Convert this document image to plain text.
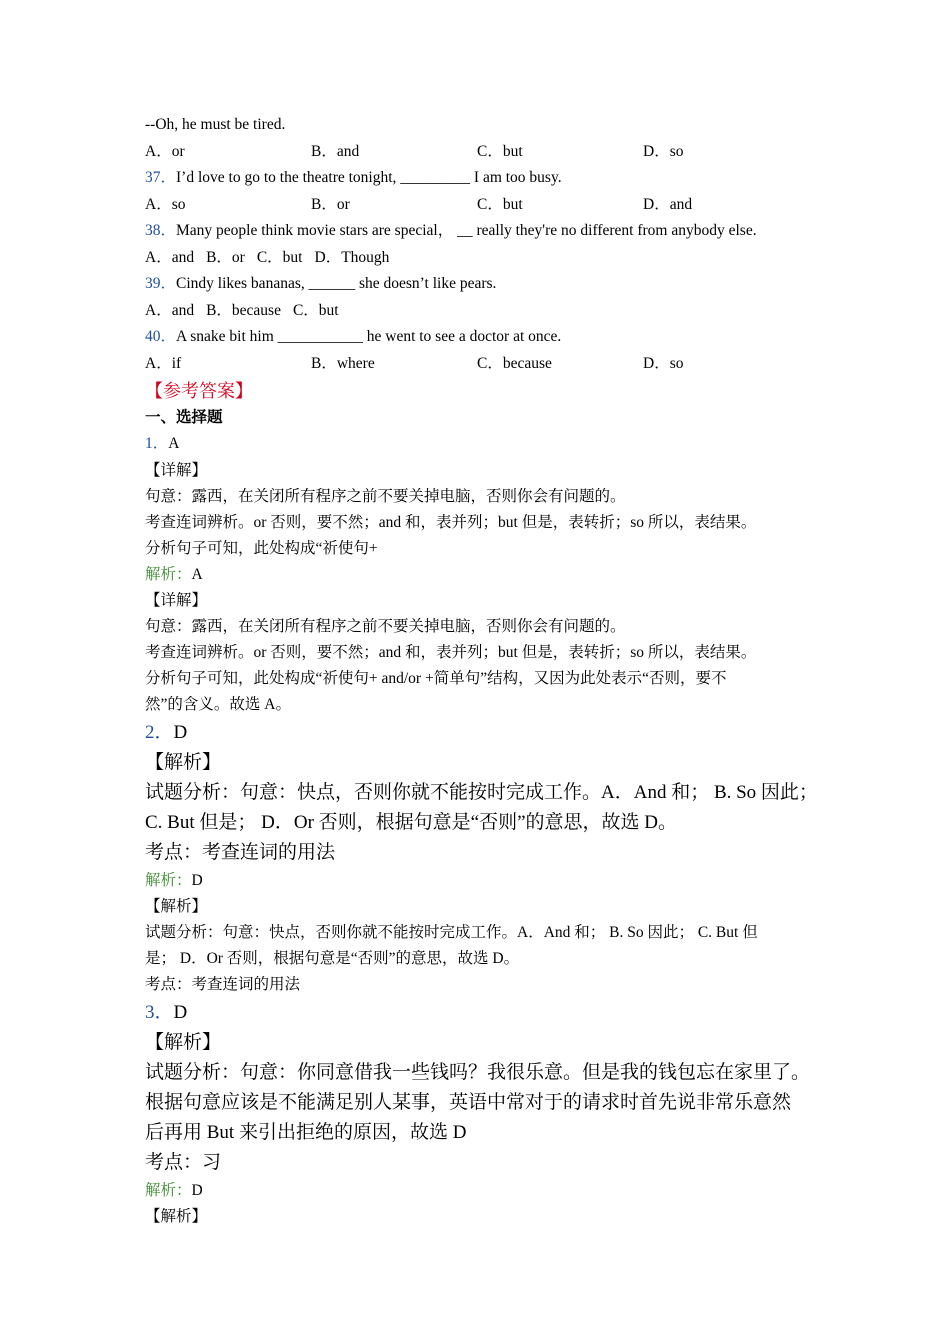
--Oh, he must be tired.
A．or	B．and	C．but	D．so
37．I’d love to go to the theatre tonight, _________ I am too busy.
A．so	B．or	C．but	D．and
38．Many people think movie stars are special， __ really they're no different from anybody else.
A．and B．or C．but D．Though
39．Cindy likes bananas, ______ she doesn’t like pears.
A．and B．because C．but
40．A snake bit him ___________ he went to see a doctor at once.
A．if	B．where	C．because	D．so
【参考答案】
一、选择题
1．A
【详解】
句意：露西，在关闭所有程序之前不要关掉电脑，否则你会有问题的。
考查连词辨析。or 否则，要不然；and 和，表并列；but 但是，表转折；so 所以，表结果。
分析句子可知，此处构成“祈使句+
解析：A
【详解】
句意：露西，在关闭所有程序之前不要关掉电脑，否则你会有问题的。
考查连词辨析。or 否则，要不然；and 和，表并列；but 但是，表转折；so 所以，表结果。
分析句子可知，此处构成“祈使句+ and/or +简单句”结构，又因为此处表示“否则，要不
然”的含义。故选 A。
2．D
【解析】
试题分析：句意：快点，否则你就不能按时完成工作。A．And 和； B. So 因此；
C. But 但是； D．Or 否则，根据句意是“否则”的意思，故选 D。
考点：考查连词的用法
解析：D
【解析】
试题分析：句意：快点，否则你就不能按时完成工作。A．And 和； B. So 因此； C. But 但
是； D．Or 否则，根据句意是“否则”的意思，故选 D。
考点：考查连词的用法
3．D
【解析】
试题分析：句意：你同意借我一些钱吗？我很乐意。但是我的钱包忘在家里了。
根据句意应该是不能满足别人某事，英语中常对于的请求时首先说非常乐意然
后再用 But 来引出拒绝的原因，故选 D
考点：习
解析：D
【解析】
